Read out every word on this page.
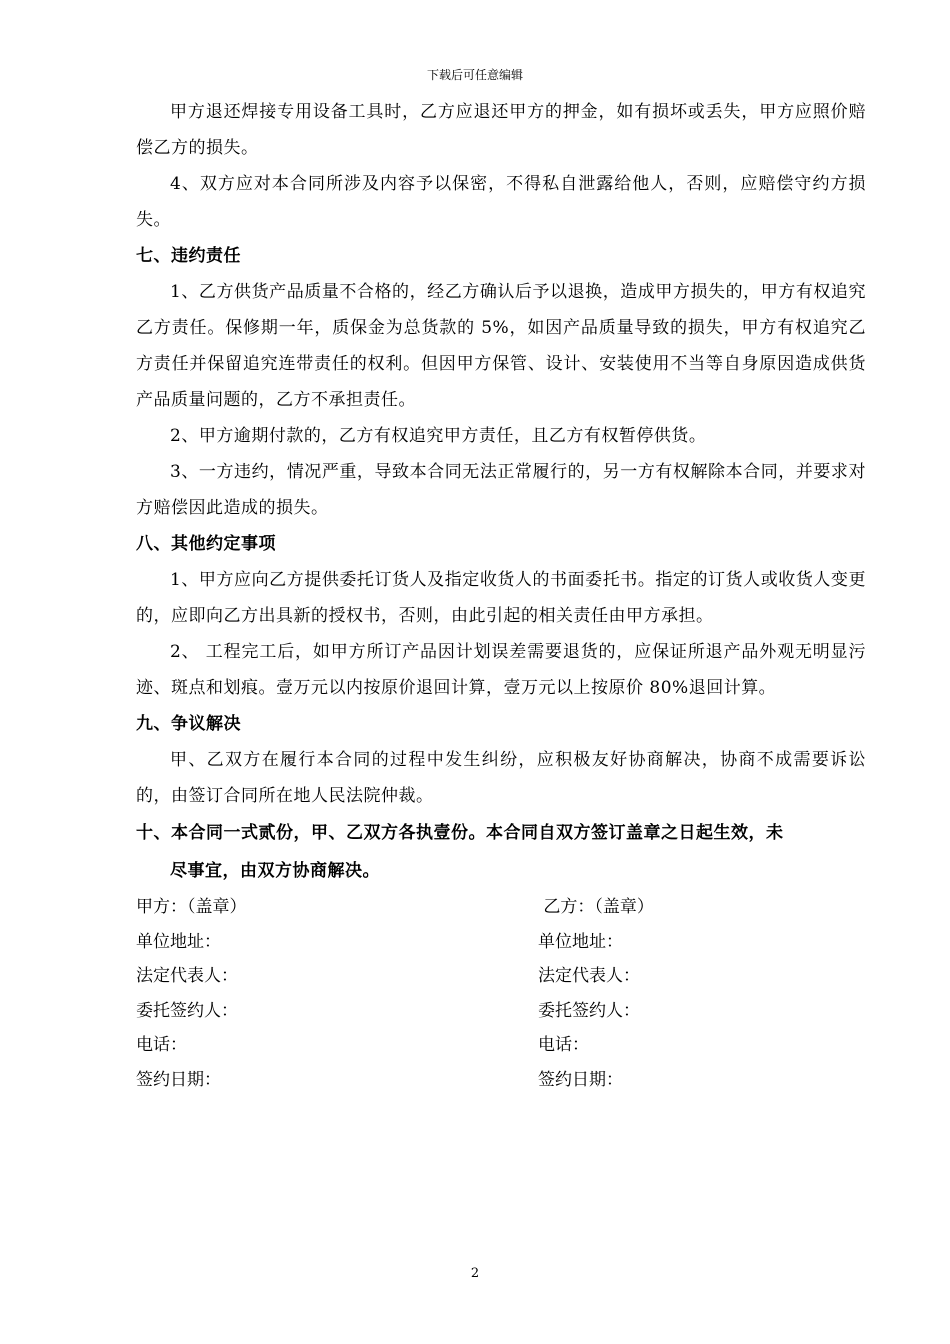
下载后可任意编辑

甲方退还焊接专用设备工具时，乙方应退还甲方的押金，如有损坏或丢失，甲方应照价赔偿乙方的损失。

4、双方应对本合同所涉及内容予以保密，不得私自泄露给他人，否则，应赔偿守约方损失。

七、违约责任

1、乙方供货产品质量不合格的，经乙方确认后予以退换，造成甲方损失的，甲方有权追究乙方责任。保修期一年，质保金为总货款的 5%，如因产品质量导致的损失，甲方有权追究乙方责任并保留追究连带责任的权利。但因甲方保管、设计、安装使用不当等自身原因造成供货产品质量问题的，乙方不承担责任。

2、甲方逾期付款的，乙方有权追究甲方责任，且乙方有权暂停供货。

3、一方违约，情况严重，导致本合同无法正常履行的，另一方有权解除本合同，并要求对方赔偿因此造成的损失。

八、其他约定事项

1、甲方应向乙方提供委托订货人及指定收货人的书面委托书。指定的订货人或收货人变更的，应即向乙方出具新的授权书，否则，由此引起的相关责任由甲方承担。

2、 工程完工后，如甲方所订产品因计划误差需要退货的，应保证所退产品外观无明显污迹、斑点和划痕。壹万元以内按原价退回计算，壹万元以上按原价 80%退回计算。

九、争议解决

甲、乙双方在履行本合同的过程中发生纠纷，应积极友好协商解决，协商不成需要诉讼的，由签订合同所在地人民法院仲裁。

十、本合同一式贰份，甲、乙双方各执壹份。本合同自双方签订盖章之日起生效，未
尽事宜，由双方协商解决。

甲方：（盖章）	乙方：（盖章）
单位地址：	单位地址：
法定代表人：	法定代表人：
委托签约人：	委托签约人：
电话：	电话：
签约日期：	签约日期：
2
